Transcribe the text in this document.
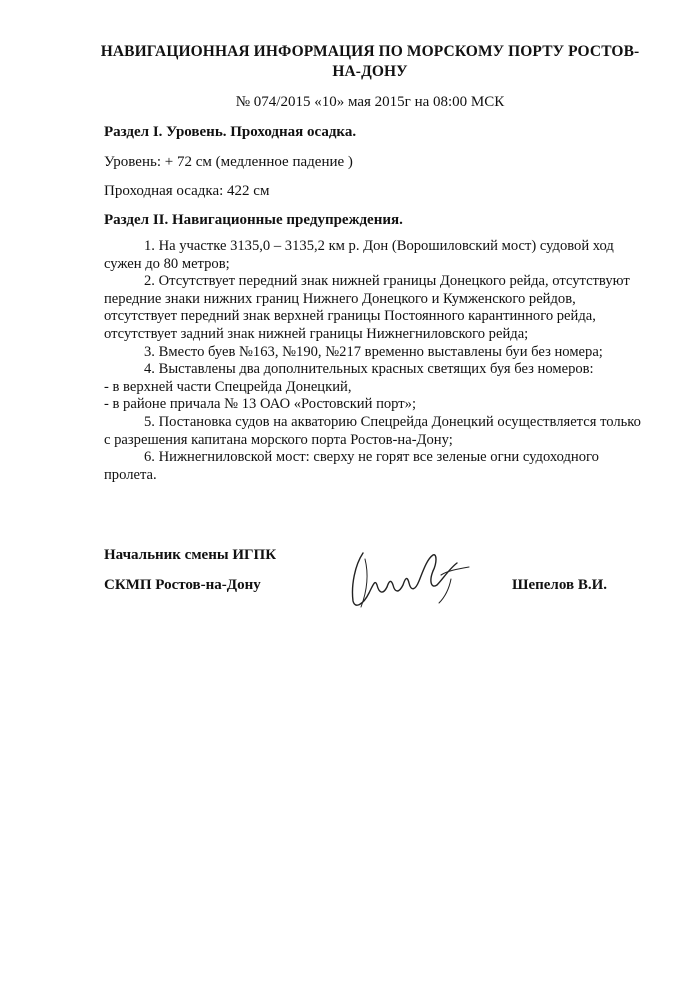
НАВИГАЦИОННАЯ ИНФОРМАЦИЯ ПО МОРСКОМУ ПОРТУ РОСТОВ-НА-ДОНУ
№ 074/2015 «10» мая 2015г на 08:00 МСК
Раздел I. Уровень. Проходная осадка.
Уровень: + 72 см (медленное падение )
Проходная осадка: 422 см
Раздел II. Навигационные предупреждения.

1. На участке 3135,0 – 3135,2 км р. Дон (Ворошиловский мост) судовой ход сужен до 80 метров;

2. Отсутствует передний знак нижней границы Донецкого рейда, отсутствуют передние знаки нижних границ Нижнего Донецкого и Кумженского рейдов, отсутствует передний знак верхней границы Постоянного карантинного рейда, отсутствует задний знак нижней границы Нижнегниловского рейда;

3. Вместо буев №163, №190, №217 временно выставлены буи без номера;

4. Выставлены два дополнительных красных светящих буя без номеров:

- в верхней части Спецрейда Донецкий,

- в районе причала № 13 ОАО «Ростовский порт»;

5. Постановка судов на акваторию Спецрейда Донецкий осуществляется только с разрешения капитана морского порта Ростов-на-Дону;

6. Нижнегниловской мост: сверху не горят все зеленые огни судоходного пролета.

Начальник смены ИГПК
СКМП Ростов-на-Дону	Шепелов В.И.
